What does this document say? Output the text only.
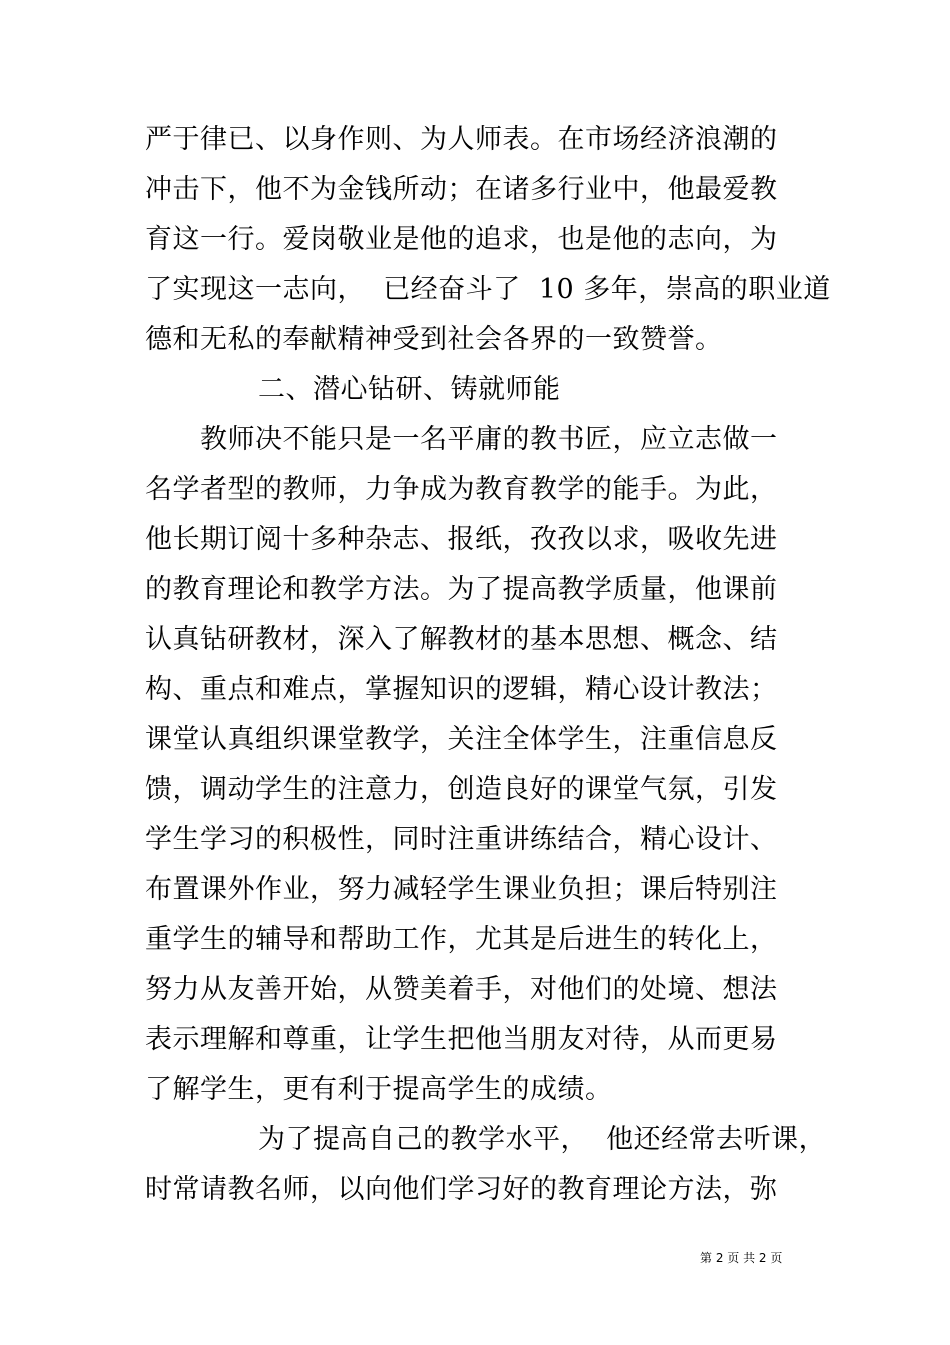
严于律已、以身作则、为人师表。在市场经济浪潮的
冲击下，他不为金钱所动；在诸多行业中，他最爱教
育这一行。爱岗敬业是他的追求，也是他的志向，为
了实现这一志向，  已经奋斗了  10 多年，崇高的职业道
德和无私的奉献精神受到社会各界的一致赞誉。
二、潜心钻研、铸就师能
教师决不能只是一名平庸的教书匠，应立志做一
名学者型的教师，力争成为教育教学的能手。为此，
他长期订阅十多种杂志、报纸，孜孜以求，吸收先进
的教育理论和教学方法。为了提高教学质量，他课前
认真钻研教材，深入了解教材的基本思想、概念、结
构、重点和难点，掌握知识的逻辑，精心设计教法；
课堂认真组织课堂教学，关注全体学生，注重信息反
馈，调动学生的注意力，创造良好的课堂气氛，引发
学生学习的积极性，同时注重讲练结合，精心设计、
布置课外作业，努力减轻学生课业负担；课后特别注
重学生的辅导和帮助工作，尤其是后进生的转化上，
努力从友善开始，从赞美着手，对他们的处境、想法
表示理解和尊重，让学生把他当朋友对待，从而更易
了解学生，更有利于提高学生的成绩。
为了提高自己的教学水平，  他还经常去听课，
时常请教名师，以向他们学习好的教育理论方法，弥
第 2 页 共 2 页
